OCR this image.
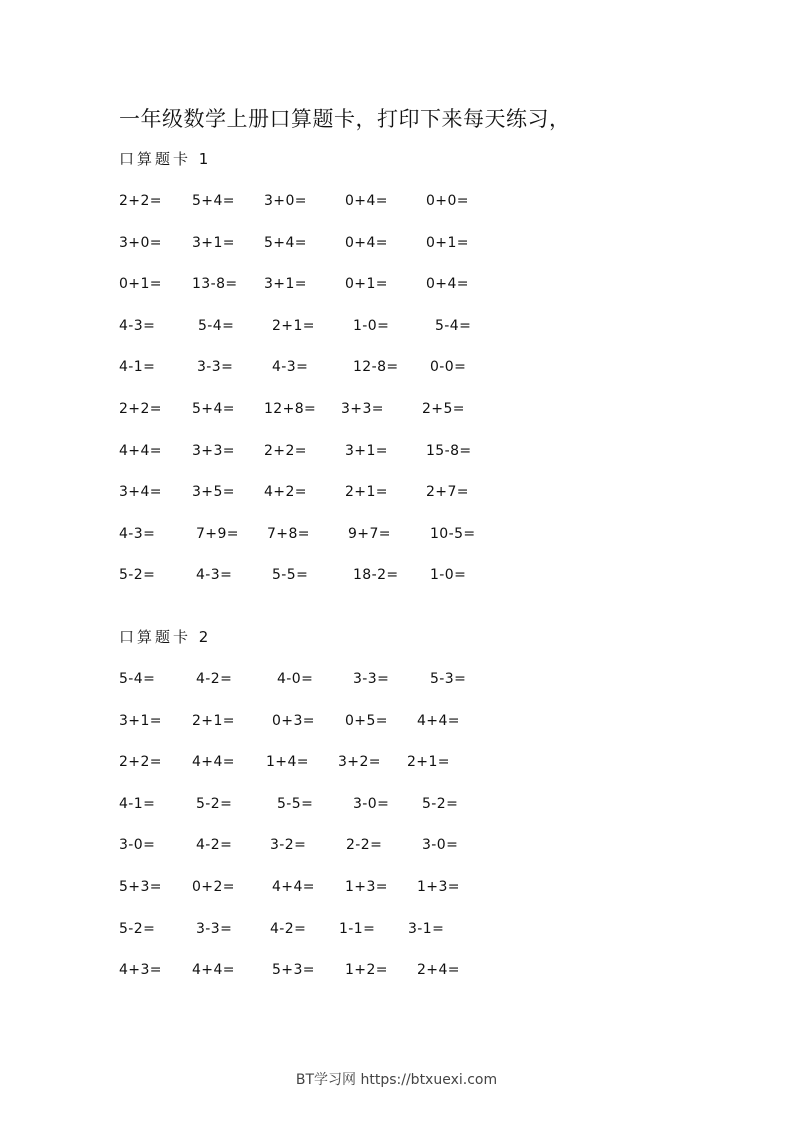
一年级数学上册口算题卡，打印下来每天练习，
口算题卡 1
2+2= 5+4= 3+0=	0+4=	0+0=
3+0= 3+1= 5+4=	0+4=	0+1=
0+1= 13-8= 3+1=	0+1=	0+4=
4-3=	5-4=	2+1=	1-0=	5-4=
4-1=	3-3=	4-3=	12-8= 0-0=
2+2= 5+4= 12+8= 3+3=	2+5=
4+4= 3+3= 2+2=	3+1=	15-8=
3+4= 3+5= 4+2=	2+1=	2+7=
4-3=	7+9= 7+8=	9+7=	10-5=
5-2=	4-3=	5-5=	18-2= 1-0=
口算题卡 2
5-4=	4-2=	4-0=	3-3=	5-3=
3+1= 2+1=	0+3= 0+5= 4+4=
2+2= 4+4= 1+4= 3+2= 2+1=
4-1=	5-2=	5-5=	3-0= 5-2=
3-0=	4-2=	3-2=	2-2=	3-0=
5+3= 0+2=	4+4= 1+3= 1+3=
5-2=	3-3=	4-2= 1-1= 3-1=
4+3= 4+4=	5+3= 1+2= 2+4=
BT学习网 https://btxuexi.com
